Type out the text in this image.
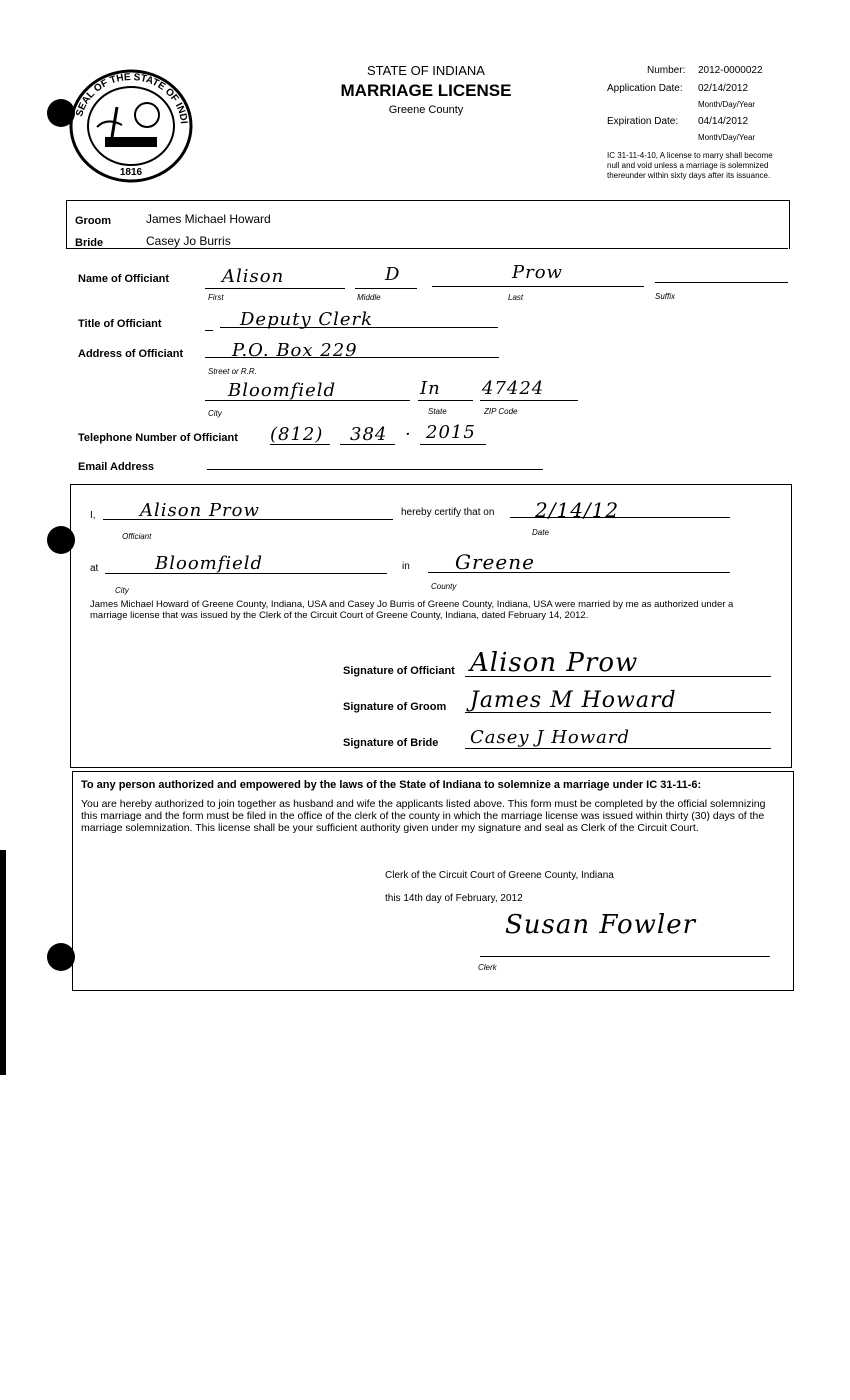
SEAL OF THE STATE OF INDI
1816
STATE OF INDIANA
MARRIAGE LICENSE
Greene County
Number: 2012-0000022
Application Date: 02/14/2012
Month/Day/Year
Expiration Date: 04/14/2012
Month/Day/Year
IC 31-11-4-10, A license to marry shall become null and void unless a marriage is solemnized thereunder within sixty days after its issuance.
Groom	James Michael Howard
Bride	Casey Jo Burris
Name of Officiant	Alison	D	Prow
First	Middle	Last	Suffix
Title of Officiant	Deputy Clerk
Address of Officiant	P.O. Box 229
Street or R.R.
Bloomfield	In 47424
City	State	ZIP Code
Telephone Number of Officiant (812) 384 · 2015
Email Address
I, Alison Prow
Officiant
hereby certify that on 2/14/12
Date
at	Bloomfield
City
in Greene
County
James Michael Howard of Greene County, Indiana, USA and Casey Jo Burris of Greene County, Indiana, USA were married by me as authorized under a marriage license that was issued by the Clerk of the Circuit Court of Greene County, Indiana, dated February 14, 2012.
Signature of Officiant Alison Prow
Signature of Groom James M Howard
Signature of Bride Casey J Howard
To any person authorized and empowered by the laws of the State of Indiana to solemnize a marriage under IC 31-11-6:
You are hereby authorized to join together as husband and wife the applicants listed above. This form must be completed by the official solemnizing this marriage and the form must be filed in the office of the clerk of the county in which the marriage license was issued within thirty (30) days of the marriage solemnization. This license shall be your sufficient authority given under my signature and seal as Clerk of the Circuit Court.
Clerk of the Circuit Court of Greene County, Indiana
this 14th day of February, 2012
Susan Fowler
Clerk
